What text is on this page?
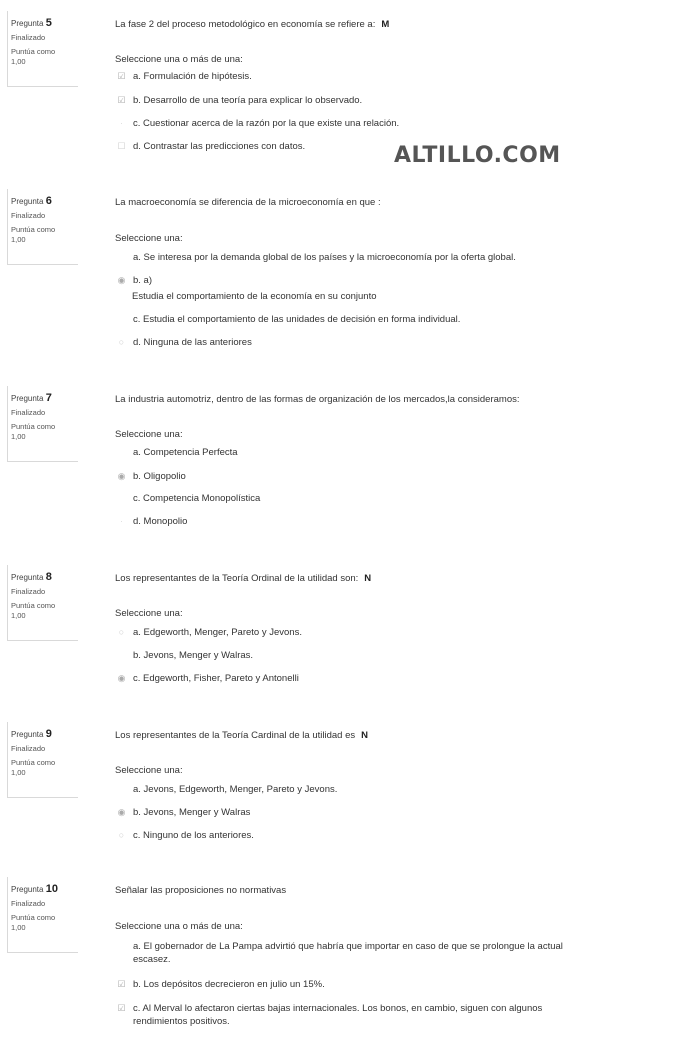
Pregunta 5
Finalizado
Puntúa como
1,00
La fase 2 del proceso metodológico en economía se refiere a: M
Seleccione una o más de una:
☑ a. Formulación de hipótesis.
☑ b. Desarrollo de una teoría para explicar lo observado.
·	c. Cuestionar acerca de la razón por la que existe una relación.
☐ d. Contrastar las predicciones con datos.	ALTILLO.COM
Pregunta 6
Finalizado
Puntúa como
1,00
La macroeconomía se diferencia de la microeconomía en que :
Seleccione una:
a. Se interesa por la demanda global de los países y la microeconomía por la oferta global.
◉ b. a)
Estudia el comportamiento de la economía en su conjunto
c. Estudia el comportamiento de las unidades de decisión en forma individual.
○ d. Ninguna de las anteriores
Pregunta 7
Finalizado
Puntúa como
1,00
La industria automotriz, dentro de las formas de organización de los mercados,la consideramos:
Seleccione una:
a. Competencia Perfecta
◉ b. Oligopolio
c. Competencia Monopolística
·	d. Monopolio
Pregunta 8
Finalizado
Puntúa como
1,00
Los representantes de la Teoría Ordinal de la utilidad son: N
Seleccione una:
○ a. Edgeworth, Menger, Pareto y Jevons.
b. Jevons, Menger y Walras.
◉ c. Edgeworth, Fisher, Pareto y Antonelli
Pregunta 9
Finalizado
Puntúa como
1,00
Los representantes de la Teoría Cardinal de la utilidad es N
Seleccione una:
a. Jevons, Edgeworth, Menger, Pareto y Jevons.
◉ b. Jevons, Menger y Walras
○ c. Ninguno de los anteriores.
Pregunta 10
Finalizado
Puntúa como
1,00
Señalar las proposiciones no normativas
Seleccione una o más de una:
a. El gobernador de La Pampa advirtió que habría que importar en caso de que se prolongue la actual
escasez.
☑ b. Los depósitos decrecieron en julio un 15%.
☑ c. Al Merval lo afectaron ciertas bajas internacionales. Los bonos, en cambio, siguen con algunos
rendimientos positivos.
